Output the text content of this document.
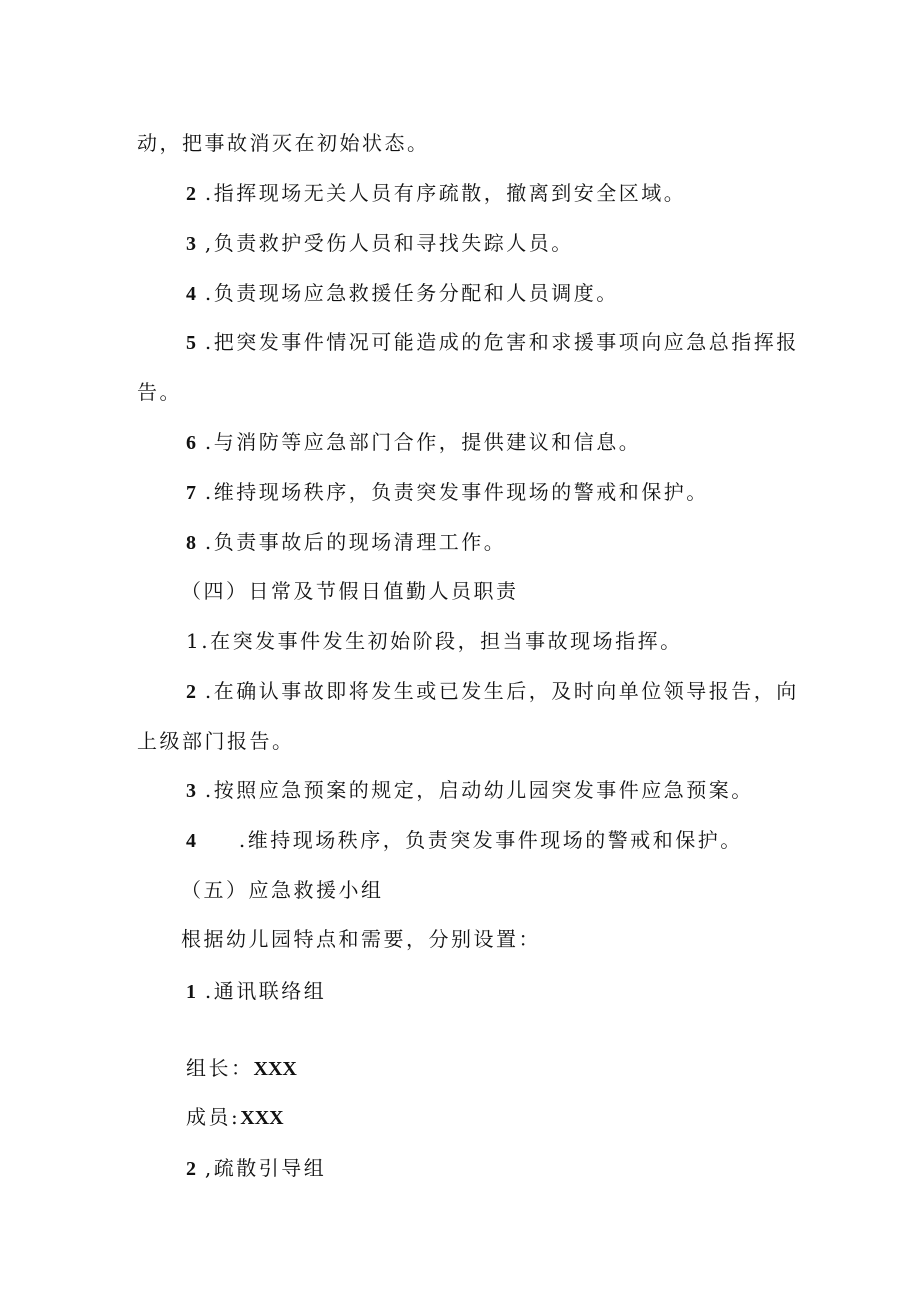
动，把事故消灭在初始状态。
2 .指挥现场无关人员有序疏散，撤离到安全区域。
3 ,负责救护受伤人员和寻找失踪人员。
4 .负责现场应急救援任务分配和人员调度。
5 .把突发事件情况可能造成的危害和求援事项向应急总指挥报
告。
6 .与消防等应急部门合作，提供建议和信息。
7 .维持现场秩序，负责突发事件现场的警戒和保护。
8 .负责事故后的现场清理工作。
（四）日常及节假日值勤人员职责
1.在突发事件发生初始阶段，担当事故现场指挥。
2 .在确认事故即将发生或已发生后，及时向单位领导报告，向
上级部门报告。
3 .按照应急预案的规定，启动幼儿园突发事件应急预案。
4 .维持现场秩序，负责突发事件现场的警戒和保护。
（五）应急救援小组
根据幼儿园特点和需要，分别设置：
1 .通讯联络组
组长：XXX
成员:XXX
2 ,疏散引导组
